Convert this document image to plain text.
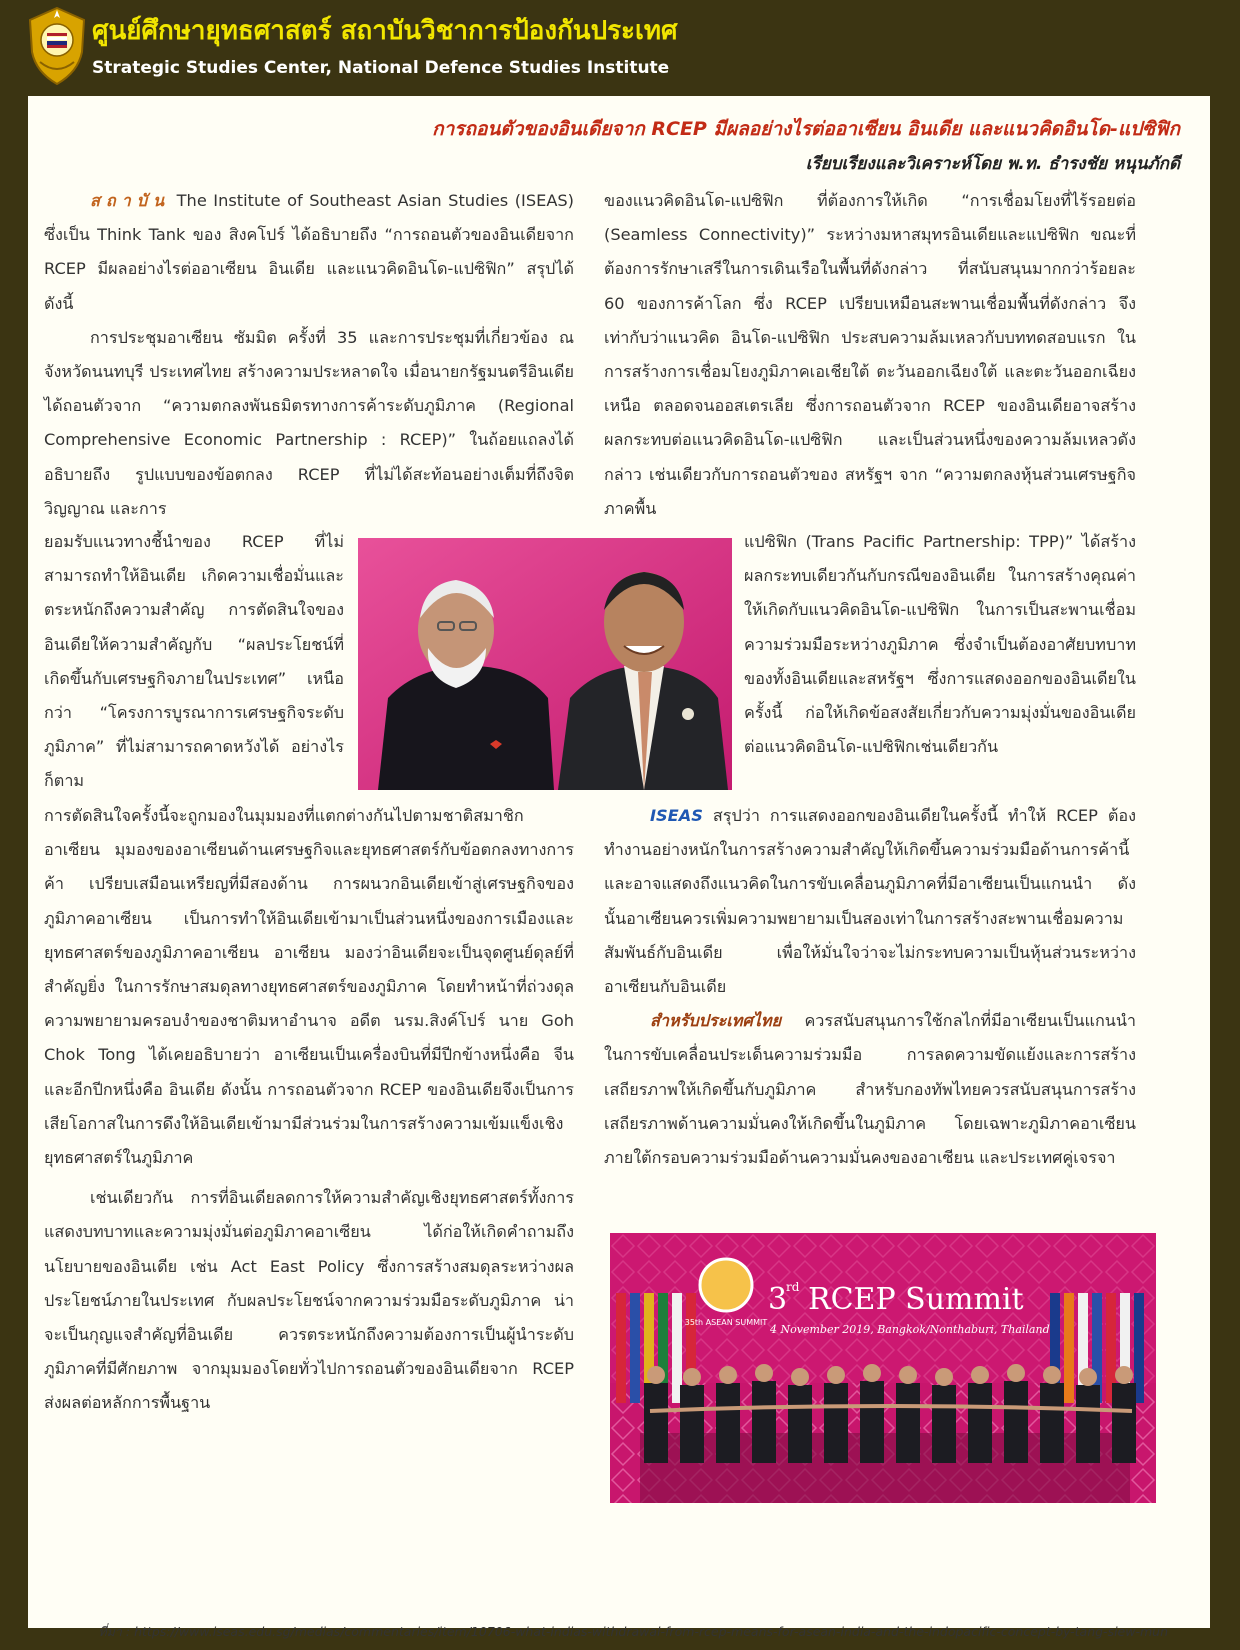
ศูนย์ศึกษายุทธศาสตร์ สถาบันวิชาการป้องกันประเทศ
Strategic Studies Center, National Defence Studies Institute
การถอนตัวของอินเดียจาก RCEP มีผลอย่างไรต่ออาเซียน อินเดีย และแนวคิดอินโด-แปซิฟิก
เรียบเรียงและวิเคราะห์โดย พ.ท. ธำรงชัย หนุนภักดี

สถาบัน The Institute of Southeast Asian Studies (ISEAS) ซึ่งเป็น Think Tank ของ สิงคโปร์ ได้อธิบายถึง “การถอนตัวของอินเดียจาก RCEP มีผลอย่างไรต่ออาเซียน อินเดีย และแนวคิดอินโด-แปซิฟิก” สรุปได้ดังนี้

การประชุมอาเซียน ซัมมิต ครั้งที่ 35 และการประชุมที่เกี่ยวข้อง ณ จังหวัดนนทบุรี ประเทศไทย สร้างความประหลาดใจ เมื่อนายกรัฐมนตรีอินเดีย ได้ถอนตัวจาก “ความตกลงพันธมิตรทางการค้าระดับภูมิภาค (Regional Comprehensive Economic Partnership : RCEP)” ในถ้อยแถลงได้อธิบายถึง รูปแบบของข้อตกลง RCEP ที่ไม่ได้สะท้อนอย่างเต็มที่ถึงจิต วิญญาณ และการ

ยอมรับแนวทางชี้นำของ RCEP ที่ไม่สามารถทำให้อินเดีย เกิดความเชื่อมั่นและตระหนักถึงความสำคัญ การตัดสินใจของอินเดียให้ความสำคัญกับ “ผลประโยชน์ที่เกิดขึ้นกับเศรษฐกิจภายในประเทศ” เหนือกว่า “โครงการบูรณาการเศรษฐกิจระดับภูมิภาค” ที่ไม่สามารถคาดหวังได้ อย่างไรก็ตาม

การตัดสินใจครั้งนี้จะถูกมองในมุมมองที่แตกต่างกันไปตามชาติสมาชิกอาเซียน มุมองของอาเซียนด้านเศรษฐกิจและยุทธศาสตร์กับข้อตกลงทางการค้า เปรียบเสมือนเหรียญที่มีสองด้าน การผนวกอินเดียเข้าสู่เศรษฐกิจของภูมิภาคอาเซียน เป็นการทำให้อินเดียเข้ามาเป็นส่วนหนึ่งของการเมืองและยุทธศาสตร์ของภูมิภาคอาเซียน อาเซียน มองว่าอินเดียจะเป็นจุดศูนย์ดุลย์ที่สำคัญยิ่ง ในการรักษาสมดุลทางยุทธศาสตร์ของภูมิภาค โดยทำหน้าที่ถ่วงดุลความพยายามครอบงำของชาติมหาอำนาจ อดีต นรม.สิงค์โปร์ นาย Goh Chok Tong ได้เคยอธิบายว่า อาเซียนเป็นเครื่องบินที่มีปีกข้างหนึ่งคือ จีน และอีกปีกหนึ่งคือ อินเดีย ดังนั้น การถอนตัวจาก RCEP ของอินเดียจึงเป็นการเสียโอกาสในการดึงให้อินเดียเข้ามามีส่วนร่วมในการสร้างความเข้มแข็งเชิงยุทธศาสตร์ในภูมิภาค

เช่นเดียวกัน การที่อินเดียลดการให้ความสำคัญเชิงยุทธศาสตร์ทั้งการแสดงบทบาทและความมุ่งมั่นต่อภูมิภาคอาเซียน ได้ก่อให้เกิดคำถามถึงนโยบายของอินเดีย เช่น Act East Policy ซึ่งการสร้างสมดุลระหว่างผลประโยชน์ภายในประเทศ กับผลประโยชน์จากความร่วมมือระดับภูมิภาค น่าจะเป็นกุญแจสำคัญที่อินเดีย ควรตระหนักถึงความต้องการเป็นผู้นำระดับภูมิภาคที่มีศักยภาพ จากมุมมองโดยทั่วไปการถอนตัวของอินเดียจาก RCEP ส่งผลต่อหลักการพื้นฐาน

ของแนวคิดอินโด-แปซิฟิก ที่ต้องการให้เกิด “การเชื่อมโยงที่ไร้รอยต่อ (Seamless Connectivity)” ระหว่างมหาสมุทรอินเดียและแปซิฟิก ขณะที่ต้องการรักษาเสรีในการเดินเรือในพื้นที่ดังกล่าว ที่สนับสนุนมากกว่าร้อยละ 60 ของการค้าโลก ซึ่ง RCEP เปรียบเหมือนสะพานเชื่อมพื้นที่ดังกล่าว จึงเท่ากับว่าแนวคิด อินโด-แปซิฟิก ประสบความล้มเหลวกับบททดสอบแรก ในการสร้างการเชื่อมโยงภูมิภาคเอเชียใต้ ตะวันออกเฉียงใต้ และตะวันออกเฉียงเหนือ ตลอดจนออสเตรเลีย ซึ่งการถอนตัวจาก RCEP ของอินเดียอาจสร้างผลกระทบต่อแนวคิดอินโด-แปซิฟิก และเป็นส่วนหนึ่งของความล้มเหลวดังกล่าว เช่นเดียวกับการถอนตัวของ สหรัฐฯ จาก “ความตกลงหุ้นส่วนเศรษฐกิจภาคพื้น

แปซิฟิก (Trans Pacific Partnership: TPP)” ได้สร้างผลกระทบเดียวกันกับกรณีของอินเดีย ในการสร้างคุณค่าให้เกิดกับแนวคิดอินโด-แปซิฟิก ในการเป็นสะพานเชื่อมความร่วมมือระหว่างภูมิภาค ซึ่งจำเป็นต้องอาศัยบทบาทของทั้งอินเดียและสหรัฐฯ ซึ่งการแสดงออกของอินเดียในครั้งนี้ ก่อให้เกิดข้อสงสัยเกี่ยวกับความมุ่งมั่นของอินเดียต่อแนวคิดอินโด-แปซิฟิกเช่นเดียวกัน

ISEAS สรุปว่า การแสดงออกของอินเดียในครั้งนี้ ทำให้ RCEP ต้องทำงานอย่างหนักในการสร้างความสำคัญให้เกิดขึ้นความร่วมมือด้านการค้านี้ และอาจแสดงถึงแนวคิดในการขับเคลื่อนภูมิภาคที่มีอาเซียนเป็นแกนนำ ดังนั้นอาเซียนควรเพิ่มความพยายามเป็นสองเท่าในการสร้างสะพานเชื่อมความสัมพันธ์กับอินเดีย เพื่อให้มั่นใจว่าจะไม่กระทบความเป็นหุ้นส่วนระหว่างอาเซียนกับอินเดีย

สำหรับประเทศไทย ควรสนับสนุนการใช้กลไกที่มีอาเซียนเป็นแกนนำ ในการขับเคลื่อนประเด็นความร่วมมือ การลดความขัดแย้งและการสร้างเสถียรภาพให้เกิดขึ้นกับภูมิภาค สำหรับกองทัพไทยควรสนับสนุนการสร้างเสถียรภาพด้านความมั่นคงให้เกิดขึ้นในภูมิภาค โดยเฉพาะภูมิภาคอาเซียนภายใต้กรอบความร่วมมือด้านความมั่นคงของอาเซียน และประเทศคู่เจรจา

35th ASEAN SUMMIT
3
rd RCEP Summit
4 November 2019, Bangkok/Nonthaburi, Thailand
ที่มา : https://www.iseas.edu.sg/medias/commentaries/item/10706-what-indias-withdrawal-from-rcep-means-for-asean-india-and-the-indopacific-concept-by-tang-siew-mun
